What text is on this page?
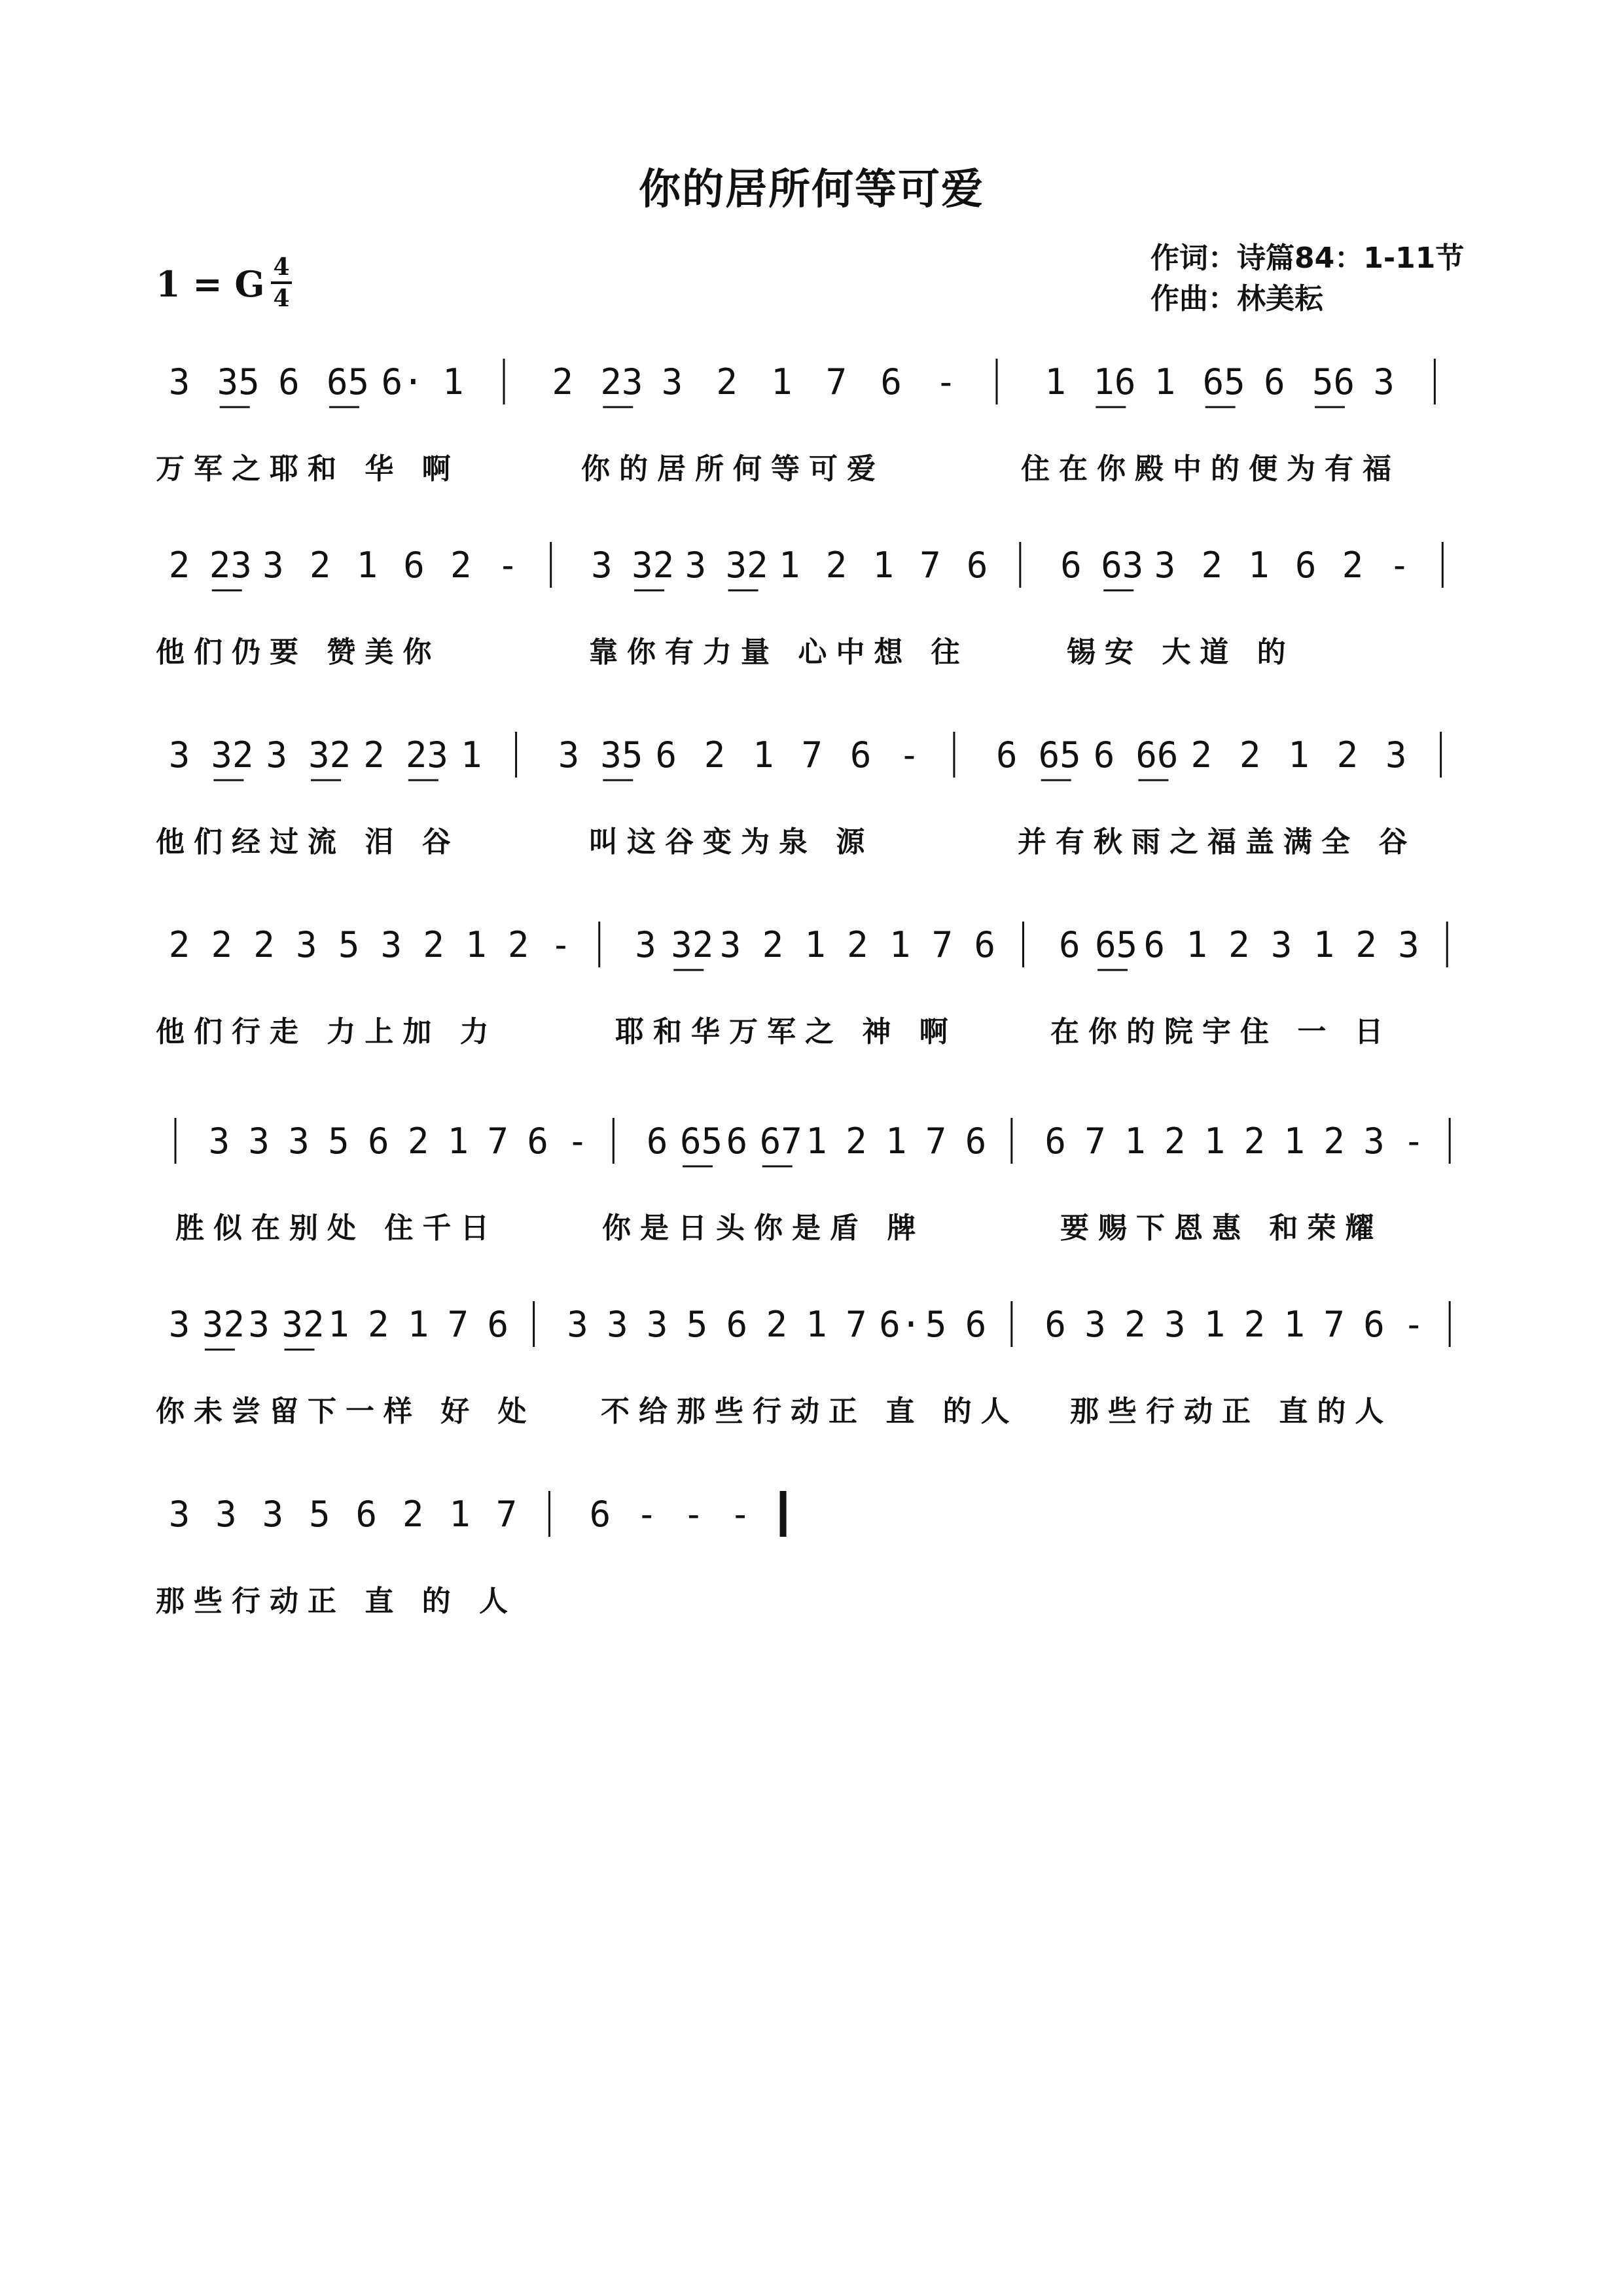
你的居所何等可爱
1 = G 4
4
作词：诗篇84：1-11节
作曲：林美耘
3 35 6 65 6· 1 2 23 3 2 1 7 6 - 1 16 1 65 6 56 3
万军之耶和 华 啊	你的居所何等可爱	住在你殿中的便为有福
2 23 3 2 1 6 2 - 3 32 3 32 1 2 1 7 6 6 63 3 2 1 6 2 -
他们仍要 赞美你	靠你有力量 心中想 往	锡安 大道 的
3 32 3 32 2 23 1 3 35 6 2 1 7 6 - 6 65 6 66 2 2 1 2 3
他们经过流 泪 谷	叫这谷变为泉 源	并有秋雨之福盖满全 谷
2 2 2 3 5 3 2 1 2 - 3 32 3 2 1 2 1 7 6 6 65 6 1 2 3 1 2 3
他们行走 力上加 力	耶和华万军之 神 啊	在你的院宇住 一 日
3 3 3 5 6 2 1 7 6 - 6 65 6 67 1 2 1 7 6 6 7 1 2 1 2 1 2 3 -
胜似在别处 住千日	你是日头你是盾 牌	要赐下恩惠 和荣耀
3 32 3 32 1 2 1 7 6 3 3 3 5 6 2 1 7 6· 5 6 6 3 2 3 1 2 1 7 6 -
你未尝留下一样 好 处 不给那些行动正 直 的人 那些行动正 直的人
3 3 3 5 6 2 1 7 6 - - -
那些行动正 直 的 人
